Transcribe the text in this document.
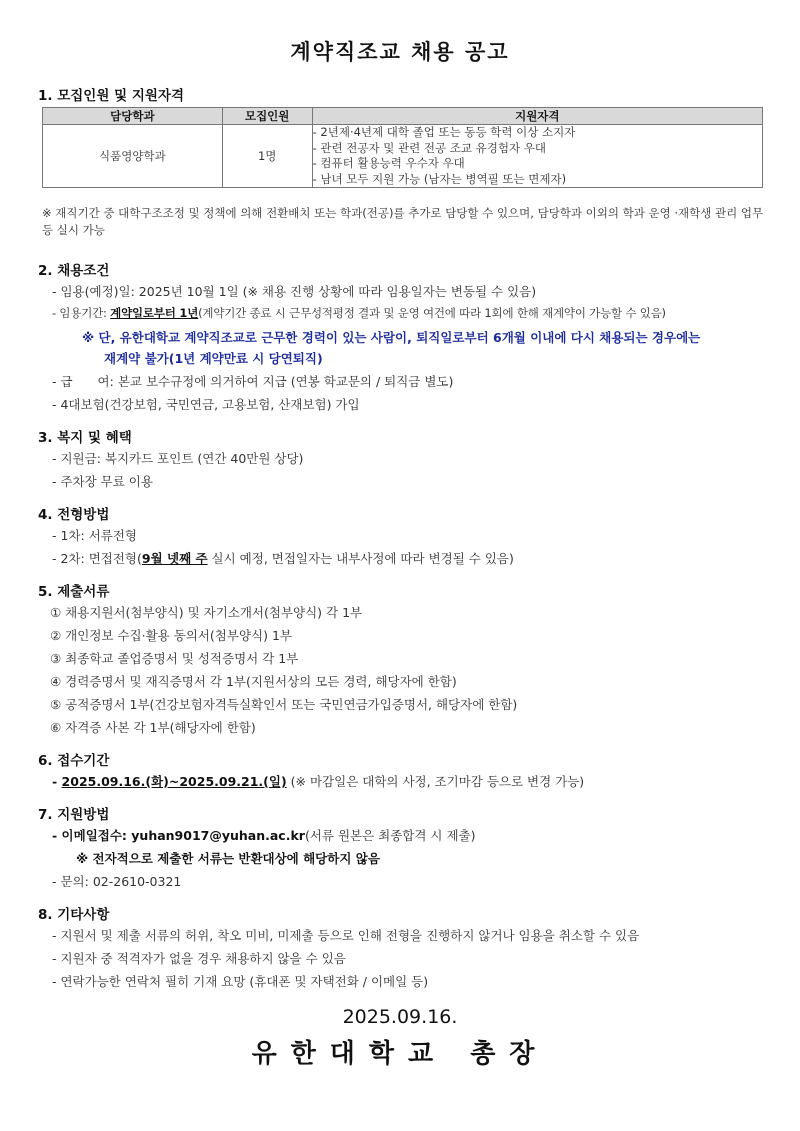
계약직조교 채용 공고
1. 모집인원 및 지원자격
담당학과	모집인원	지원자격
식품영양학과	1명	- 2년제·4년제 대학 졸업 또는 동등 학력 이상 소지자
- 관련 전공자 및 관련 전공 조교 유경험자 우대
- 컴퓨터 활용능력 우수자 우대
- 남녀 모두 지원 가능 (남자는 병역필 또는 면제자)
※ 재직기간 중 대학구조조정 및 정책에 의해 전환배치 또는 학과(전공)를 추가로 담당할 수 있으며, 담당학과 이외의 학과 운영 ·재학생 관리 업무 등 실시 가능
2. 채용조건
- 임용(예정)일: 2025년 10월 1일 (※ 채용 진행 상황에 따라 임용일자는 변동될 수 있음)
- 임용기간: 계약일로부터 1년(계약기간 종료 시 근무성적평정 결과 및 운영 여건에 따라 1회에 한해 재계약이 가능할 수 있음)
※ 단, 유한대학교 계약직조교로 근무한 경력이 있는 사람이, 퇴직일로부터 6개월 이내에 다시 채용되는 경우에는
재계약 불가(1년 계약만료 시 당연퇴직)
- 급　　여: 본교 보수규정에 의거하여 지급 (연봉 학교문의 / 퇴직금 별도)
- 4대보험(건강보험, 국민연금, 고용보험, 산재보험) 가입
3. 복지 및 혜택
- 지원금: 복지카드 포인트 (연간 40만원 상당)
- 주차장 무료 이용
4. 전형방법
- 1차: 서류전형
- 2차: 면접전형(9월 넷째 주 실시 예정, 면접일자는 내부사정에 따라 변경될 수 있음)
5. 제출서류
① 채용지원서(첨부양식) 및 자기소개서(첨부양식) 각 1부
② 개인정보 수집·활용 동의서(첨부양식) 1부
③ 최종학교 졸업증명서 및 성적증명서 각 1부
④ 경력증명서 및 재직증명서 각 1부(지원서상의 모든 경력, 해당자에 한함)
⑤ 공적증명서 1부(건강보험자격득실확인서 또는 국민연금가입증명서, 해당자에 한함)
⑥ 자격증 사본 각 1부(해당자에 한함)
6. 접수기간
- 2025.09.16.(화)~2025.09.21.(일) (※ 마감일은 대학의 사정, 조기마감 등으로 변경 가능)
7. 지원방법
- 이메일접수: yuhan9017@yuhan.ac.kr(서류 원본은 최종합격 시 제출)
※ 전자적으로 제출한 서류는 반환대상에 해당하지 않음
- 문의: 02-2610-0321
8. 기타사항
- 지원서 및 제출 서류의 허위, 착오 미비, 미제출 등으로 인해 전형을 진행하지 않거나 임용을 취소할 수 있음
- 지원자 중 적격자가 없을 경우 채용하지 않을 수 있음
- 연락가능한 연락처 필히 기재 요망 (휴대폰 및 자택전화 / 이메일 등)
2025.09.16.
유한대학교 총장
